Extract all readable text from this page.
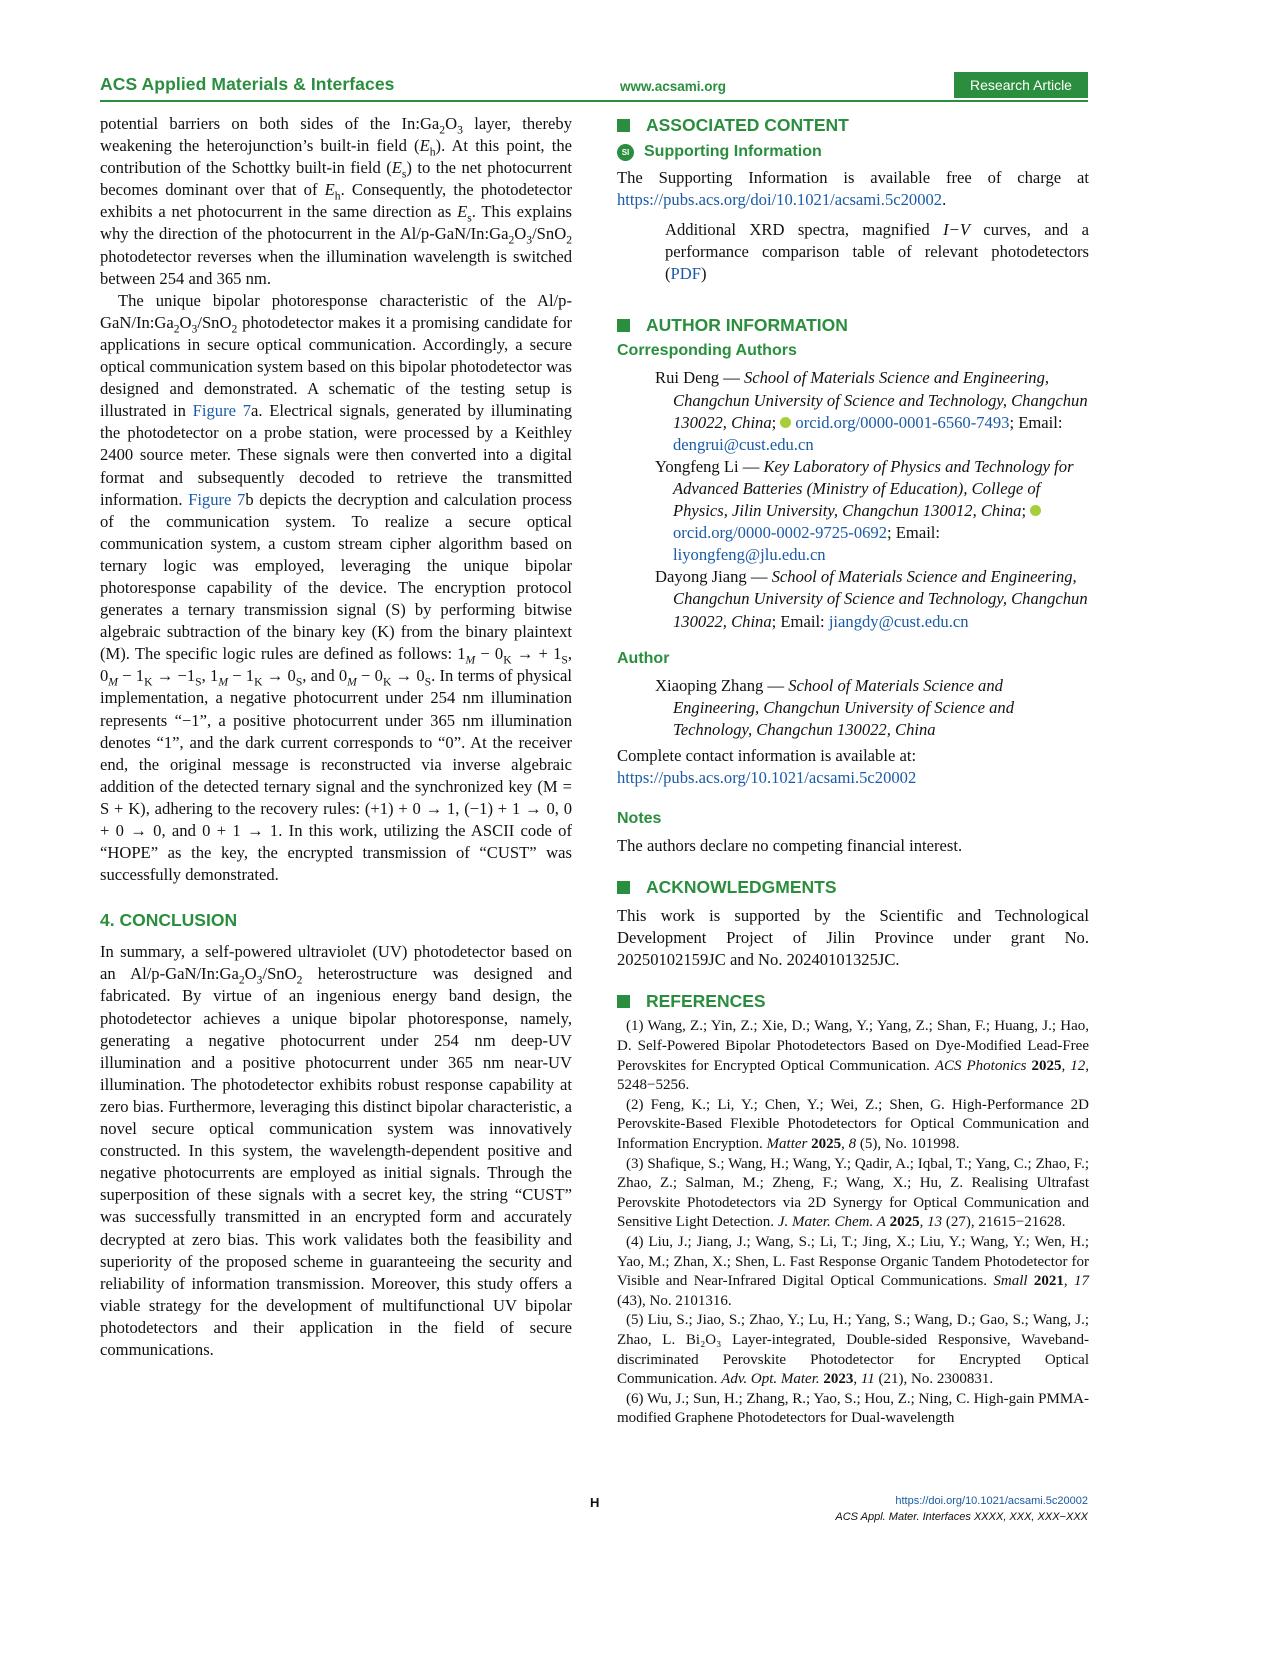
ACS Applied Materials & Interfaces	www.acsami.org	Research Article

potential barriers on both sides of the $In:Ga_2O_3$ layer, thereby weakening the heterojunction’s built-in field $(E_h)$. At this point, the contribution of the Schottky built-in field $(E_s)$ to the net photocurrent becomes dominant over that of $E_h$. Consequently, the photodetector exhibits a net photocurrent in the same direction as $E_s$. This explains why the direction of the photocurrent in the $Al/p-GaN/In:Ga_2O_3/SnO_2$ photodetector reverses when the illumination wavelength is switched between 254 and 365 nm.

The unique bipolar photoresponse characteristic of the $Al/p-GaN/In:Ga_2O_3/SnO_2$ photodetector makes it a promising candidate for applications in secure optical communication. Accordingly, a secure optical communication system based on this bipolar photodetector was designed and demonstrated. A schematic of the testing setup is illustrated in Figure 7a. Electrical signals, generated by illuminating the photodetector on a probe station, were processed by a Keithley 2400 source meter. These signals were then converted into a digital format and subsequently decoded to retrieve the transmitted information. Figure 7b depicts the decryption and calculation process of the communication system. To realize a secure optical communication system, a custom stream cipher algorithm based on ternary logic was employed, leveraging the unique bipolar photoresponse capability of the device. The encryption protocol generates a ternary transmission signal (S) by performing bitwise algebraic subtraction of the binary key (K) from the binary plaintext (M). The specific logic rules are defined as follows: $1_M - 0_K$ → + $1_S$, $0_M - 1_K \to -1_S$, $1_M - 1_K \to 0_S$, and $0_M - 0_K \to 0_S$. In terms of physical implementation, a negative photocurrent under 254 nm illumination represents “−1”, a positive photocurrent under 365 nm illumination denotes “1”, and the dark current corresponds to “0”. At the receiver end, the original message is reconstructed via inverse algebraic addition of the detected ternary signal and the synchronized key (M = S + K), adhering to the recovery rules: (+1) + 0 → 1, (−1) + 1 → 0, 0 + 0 → 0, and 0 + 1 → 1. In this work, utilizing the ASCII code of “HOPE” as the key, the encrypted transmission of “CUST” was successfully demonstrated.

4. CONCLUSION

In summary, a self-powered ultraviolet (UV) photodetector based on an $Al/p-GaN/In:Ga_2O_3/SnO_2$ heterostructure was designed and fabricated. By virtue of an ingenious energy band design, the photodetector achieves a unique bipolar photoresponse, namely, generating a negative photocurrent under 254 nm deep-UV illumination and a positive photocurrent under 365 nm near-UV illumination. The photodetector exhibits robust response capability at zero bias. Furthermore, leveraging this distinct bipolar characteristic, a novel secure optical communication system was innovatively constructed. In this system, the wavelength-dependent positive and negative photocurrents are employed as initial signals. Through the superposition of these signals with a secret key, the string “CUST” was successfully transmitted in an encrypted form and accurately decrypted at zero bias. This work validates both the feasibility and superiority of the proposed scheme in guaranteeing the security and reliability of information transmission. Moreover, this study offers a viable strategy for the development of multifunctional UV bipolar photodetectors and their application in the field of secure communications.

ASSOCIATED CONTENT
SI Supporting Information

The Supporting Information is available free of charge at https://pubs.acs.org/doi/10.1021/acsami.5c20002.

Additional XRD spectra, magnified I−V curves, and a performance comparison table of relevant photodetectors (PDF)

AUTHOR INFORMATION
Corresponding Authors

Rui Deng — School of Materials Science and Engineering, Changchun University of Science and Technology, Changchun 130022, China; orcid.org/0000-0001-6560-7493; Email: dengrui@cust.edu.cn

Yongfeng Li — Key Laboratory of Physics and Technology for Advanced Batteries (Ministry of Education), College of Physics, Jilin University, Changchun 130012, China; orcid.org/0000-0002-9725-0692; Email: liyongfeng@jlu.edu.cn

Dayong Jiang — School of Materials Science and Engineering, Changchun University of Science and Technology, Changchun 130022, China; Email: jiangdy@cust.edu.cn

Author

Xiaoping Zhang — School of Materials Science and Engineering, Changchun University of Science and Technology, Changchun 130022, China

Complete contact information is available at:
https://pubs.acs.org/10.1021/acsami.5c20002

Notes

The authors declare no competing financial interest.

ACKNOWLEDGMENTS

This work is supported by the Scientific and Technological Development Project of Jilin Province under grant No. 20250102159JC and No. 20240101325JC.

REFERENCES

(1) Wang, Z.; Yin, Z.; Xie, D.; Wang, Y.; Yang, Z.; Shan, F.; Huang, J.; Hao, D. Self-Powered Bipolar Photodetectors Based on Dye-Modified Lead-Free Perovskites for Encrypted Optical Communication. ACS Photonics 2025, 12, 5248−5256.

(2) Feng, K.; Li, Y.; Chen, Y.; Wei, Z.; Shen, G. High-Performance 2D Perovskite-Based Flexible Photodetectors for Optical Communication and Information Encryption. Matter 2025, 8 (5), No. 101998.

(3) Shafique, S.; Wang, H.; Wang, Y.; Qadir, A.; Iqbal, T.; Yang, C.; Zhao, F.; Zhao, Z.; Salman, M.; Zheng, F.; Wang, X.; Hu, Z. Realising Ultrafast Perovskite Photodetectors via 2D Synergy for Optical Communication and Sensitive Light Detection. J. Mater. Chem. A 2025, 13 (27), 21615−21628.

(4) Liu, J.; Jiang, J.; Wang, S.; Li, T.; Jing, X.; Liu, Y.; Wang, Y.; Wen, H.; Yao, M.; Zhan, X.; Shen, L. Fast Response Organic Tandem Photodetector for Visible and Near-Infrared Digital Optical Communications. Small 2021, 17 (43), No. 2101316.

(5) Liu, S.; Jiao, S.; Zhao, Y.; Lu, H.; Yang, S.; Wang, D.; Gao, S.; Wang, J.; Zhao, L. Bi₂O₃ Layer-integrated, Double-sided Responsive, Waveband-discriminated Perovskite Photodetector for Encrypted Optical Communication. Adv. Opt. Mater. 2023, 11 (21), No. 2300831.

(6) Wu, J.; Sun, H.; Zhang, R.; Yao, S.; Hou, Z.; Ning, C. High-gain PMMA-modified Graphene Photodetectors for Dual-wavelength

H	https://doi.org/10.1021/acsami.5c20002
ACS Appl. Mater. Interfaces XXXX, XXX, XXX−XXX
